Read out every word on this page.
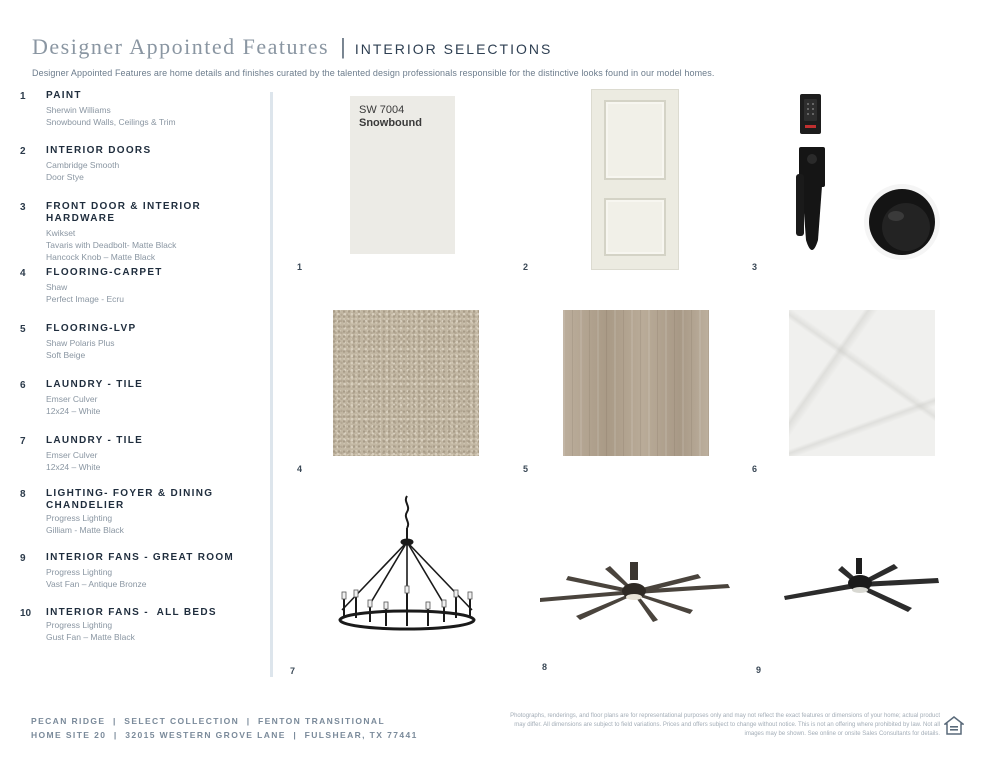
Designer Appointed Features | INTERIOR SELECTIONS
Designer Appointed Features are home details and finishes curated by the talented design professionals responsible for the distinctive looks found in our model homes.
1	PAINT
Sherwin Williams
Snowbound Walls, Ceilings & Trim
2	INTERIOR DOORS
Cambridge Smooth
Door Stye
3	FRONT DOOR & INTERIOR HARDWARE
Kwikset
Tavaris with Deadbolt- Matte Black
Hancock Knob – Matte Black
4	FLOORING-CARPET
Shaw
Perfect Image - Ecru
5	FLOORING-LVP
Shaw Polaris Plus
Soft Beige
6	LAUNDRY - TILE
Emser Culver
12x24 – White
7	LAUNDRY - TILE
Emser Culver
12x24 – White
8	LIGHTING- FOYER & DINING CHANDELIER
Progress Lighting
Gilliam - Matte Black
9	INTERIOR FANS - GREAT ROOM
Progress Lighting
Vast Fan – Antique Bronze
10	INTERIOR FANS -  ALL BEDS
Progress Lighting
Gust Fan – Matte Black
SW 7004
Snowbound
1	2	3
4	5	6
7	8	9
PECAN RIDGE  |  SELECT COLLECTION  |  FENTON TRANSITIONAL
HOME SITE 20  |  32015 WESTERN GROVE LANE  |  FULSHEAR, TX 77441
Photographs, renderings, and floor plans are for representational purposes only and may not reflect the exact features or dimensions of your home; actual product may differ. All dimensions are subject to field variations. Prices and offers subject to change without notice. This is not an offering where prohibited by law. Not all images may be shown. See online or onsite Sales Consultants for details.
